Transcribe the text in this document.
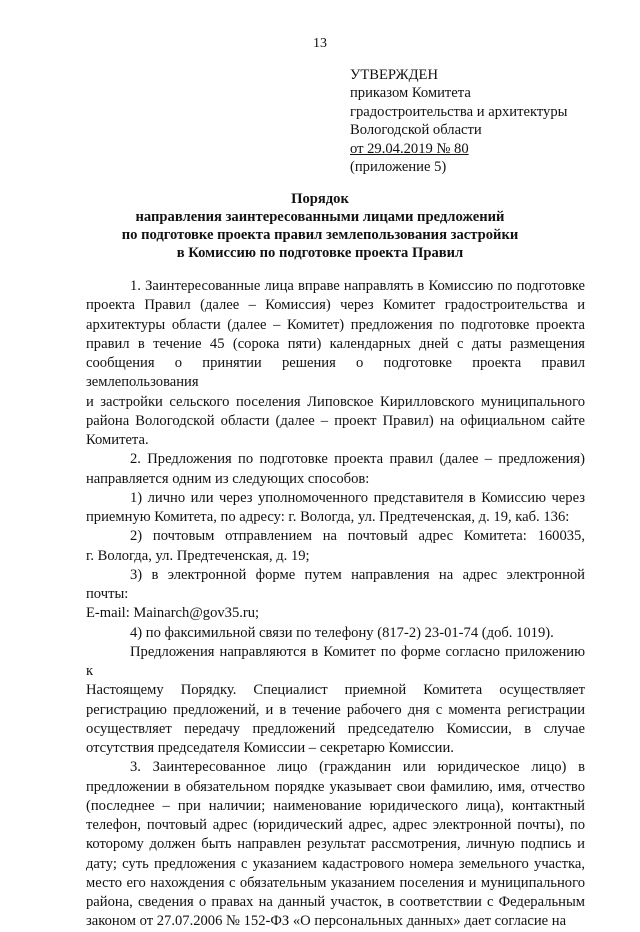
13
УТВЕРЖДЕН
приказом Комитета
градостроительства и архитектуры
Вологодской области
от 29.04.2019 № 80
(приложение 5)
Порядок
направления заинтересованными лицами предложений
по подготовке проекта правил землепользования застройки
в Комиссию по подготовке проекта Правил

1. Заинтересованные лица вправе направлять в Комиссию по подготовке

проекта Правил (далее – Комиссия) через Комитет градостроительства и

архитектуры области (далее – Комитет) предложения по подготовке проекта

правил в течение 45 (сорока пяти) календарных дней с даты размещения

сообщения о принятии решения о подготовке проекта правил землепользования

и застройки сельского поселения Липовское Кирилловского муниципального

района Вологодской области (далее – проект Правил) на официальном сайте

Комитета.

2. Предложения по подготовке проекта правил (далее – предложения)

направляется одним из следующих способов:

1) лично или через уполномоченного представителя в Комиссию через

приемную Комитета, по адресу: г. Вологда, ул. Предтеченская, д. 19, каб. 136:

2) почтовым отправлением на почтовый адрес Комитета: 160035,

г. Вологда, ул. Предтеченская, д. 19;

3) в электронной форме путем направления на адрес электронной почты:

E-mail: Mainarch@gov35.ru;

4) по факсимильной связи по телефону (817-2) 23-01-74 (доб. 1019).

Предложения направляются в Комитет по форме согласно приложению к

Настоящему Порядку. Специалист приемной Комитета осуществляет

регистрацию предложений, и в течение рабочего дня с момента регистрации

осуществляет передачу предложений председателю Комиссии, в случае

отсутствия председателя Комиссии – секретарю Комиссии.

3. Заинтересованное лицо (гражданин или юридическое лицо) в

предложении в обязательном порядке указывает свои фамилию, имя, отчество

(последнее – при наличии; наименование юридического лица), контактный

телефон, почтовый адрес (юридический адрес, адрес электронной почты), по

которому должен быть направлен результат рассмотрения, личную подпись и

дату; суть предложения с указанием кадастрового номера земельного участка,

место его нахождения с обязательным указанием поселения и муниципального

района, сведения о правах на данный участок, в соответствии с Федеральным

законом от 27.07.2006 № 152-ФЗ «О персональных данных» дает согласие на
